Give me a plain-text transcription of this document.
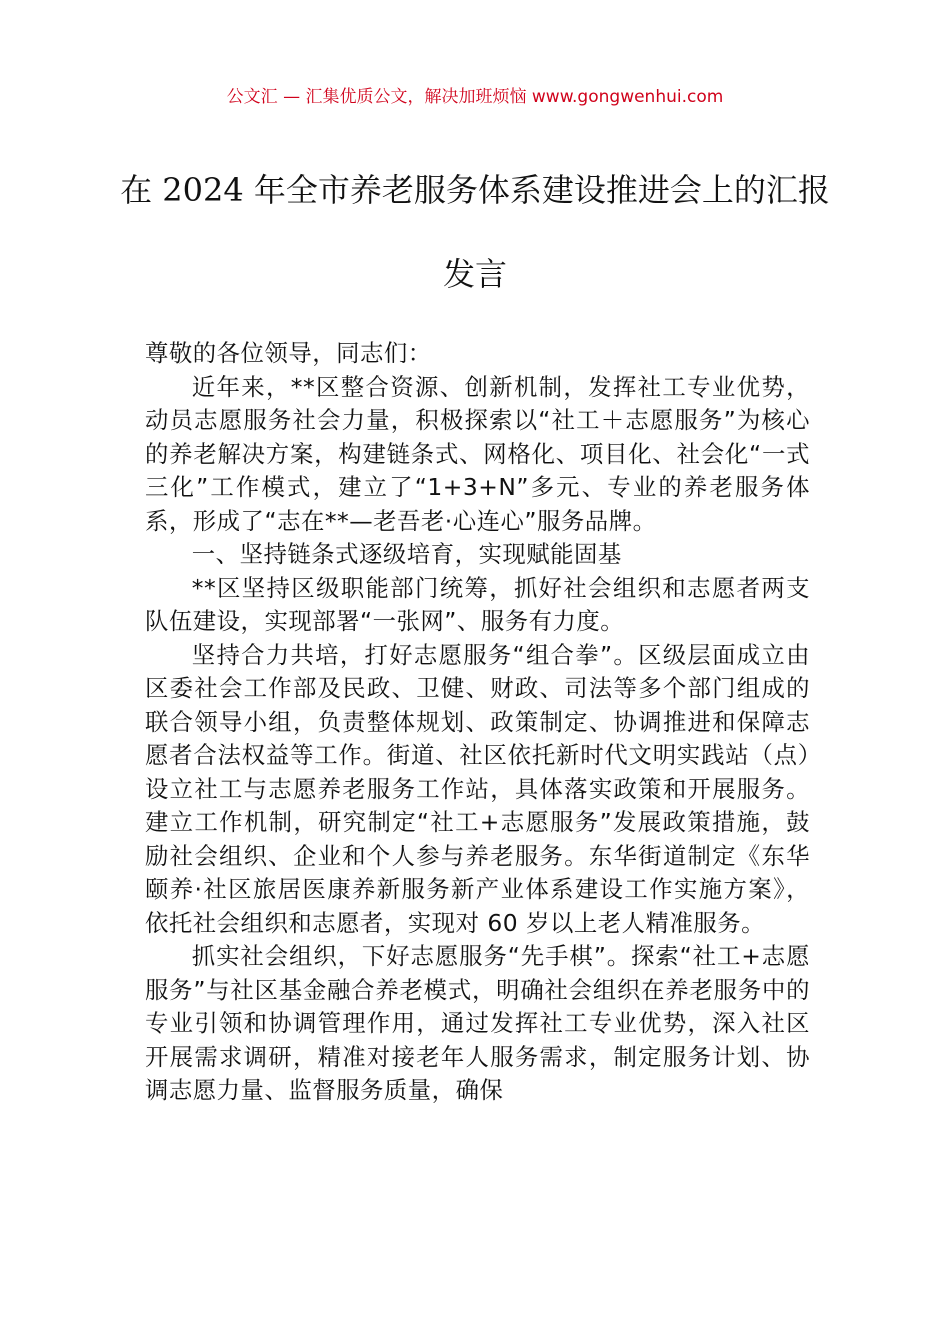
公文汇 — 汇集优质公文，解决加班烦恼 www.gongwenhui.com
在 2024 年全市养老服务体系建设推进会上的汇报发言

尊敬的各位领导，同志们：

近年来，**区整合资源、创新机制，发挥社工专业优势，动员志愿服务社会力量，积极探索以“社工＋志愿服务”为核心的养老解决方案，构建链条式、网格化、项目化、社会化“一式三化”工作模式，建立了“1+3+N”多元、专业的养老服务体系，形成了“志在**—老吾老·心连心”服务品牌。

一、坚持链条式逐级培育，实现赋能固基

**区坚持区级职能部门统筹，抓好社会组织和志愿者两支队伍建设，实现部署“一张网”、服务有力度。

坚持合力共培，打好志愿服务“组合拳”。区级层面成立由区委社会工作部及民政、卫健、财政、司法等多个部门组成的联合领导小组，负责整体规划、政策制定、协调推进和保障志愿者合法权益等工作。街道、社区依托新时代文明实践站（点）设立社工与志愿养老服务工作站，具体落实政策和开展服务。建立工作机制，研究制定“社工+志愿服务”发展政策措施，鼓励社会组织、企业和个人参与养老服务。东华街道制定《东华颐养·社区旅居医康养新服务新产业体系建设工作实施方案》，依托社会组织和志愿者，实现对 60 岁以上老人精准服务。

抓实社会组织，下好志愿服务“先手棋”。探索“社工+志愿服务”与社区基金融合养老模式，明确社会组织在养老服务中的专业引领和协调管理作用，通过发挥社工专业优势，深入社区开展需求调研，精准对接老年人服务需求，制定服务计划、协调志愿力量、监督服务质量，确保
